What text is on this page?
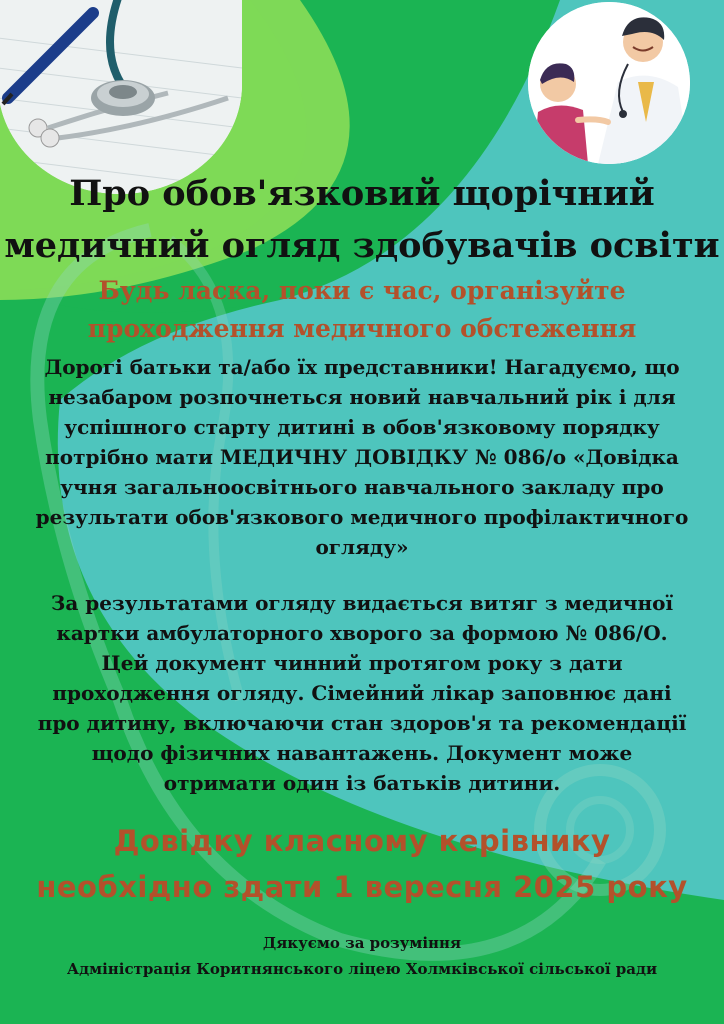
Про обов'язковий щорічний
медичний огляд здобувачів освіти
Будь ласка, поки є час, організуйте
проходження медичного обстеження
Дорогі батьки та/або їх представники! Нагадуємо, що
незабаром розпочнеться новий навчальний рік і для
успішного старту дитині в обов'язковому порядку
потрібно мати МЕДИЧНУ ДОВІДКУ № 086/о «Довідка
учня загальноосвітнього навчального закладу про
результати обов'язкового медичного профілактичного
огляду»
За результатами огляду видається витяг з медичної
картки амбулаторного хворого за формою № 086/О.
Цей документ чинний протягом року з дати
проходження огляду. Сімейний лікар заповнює дані
про дитину, включаючи стан здоров'я та рекомендації
щодо фізичних навантажень. Документ може
отримати один із батьків дитини.
Довідку класному керівнику
необхідно здати 1 вересня 2025 року
Дякуємо за розуміння
Адміністрація Коритнянського ліцею Холмківської сільської ради
